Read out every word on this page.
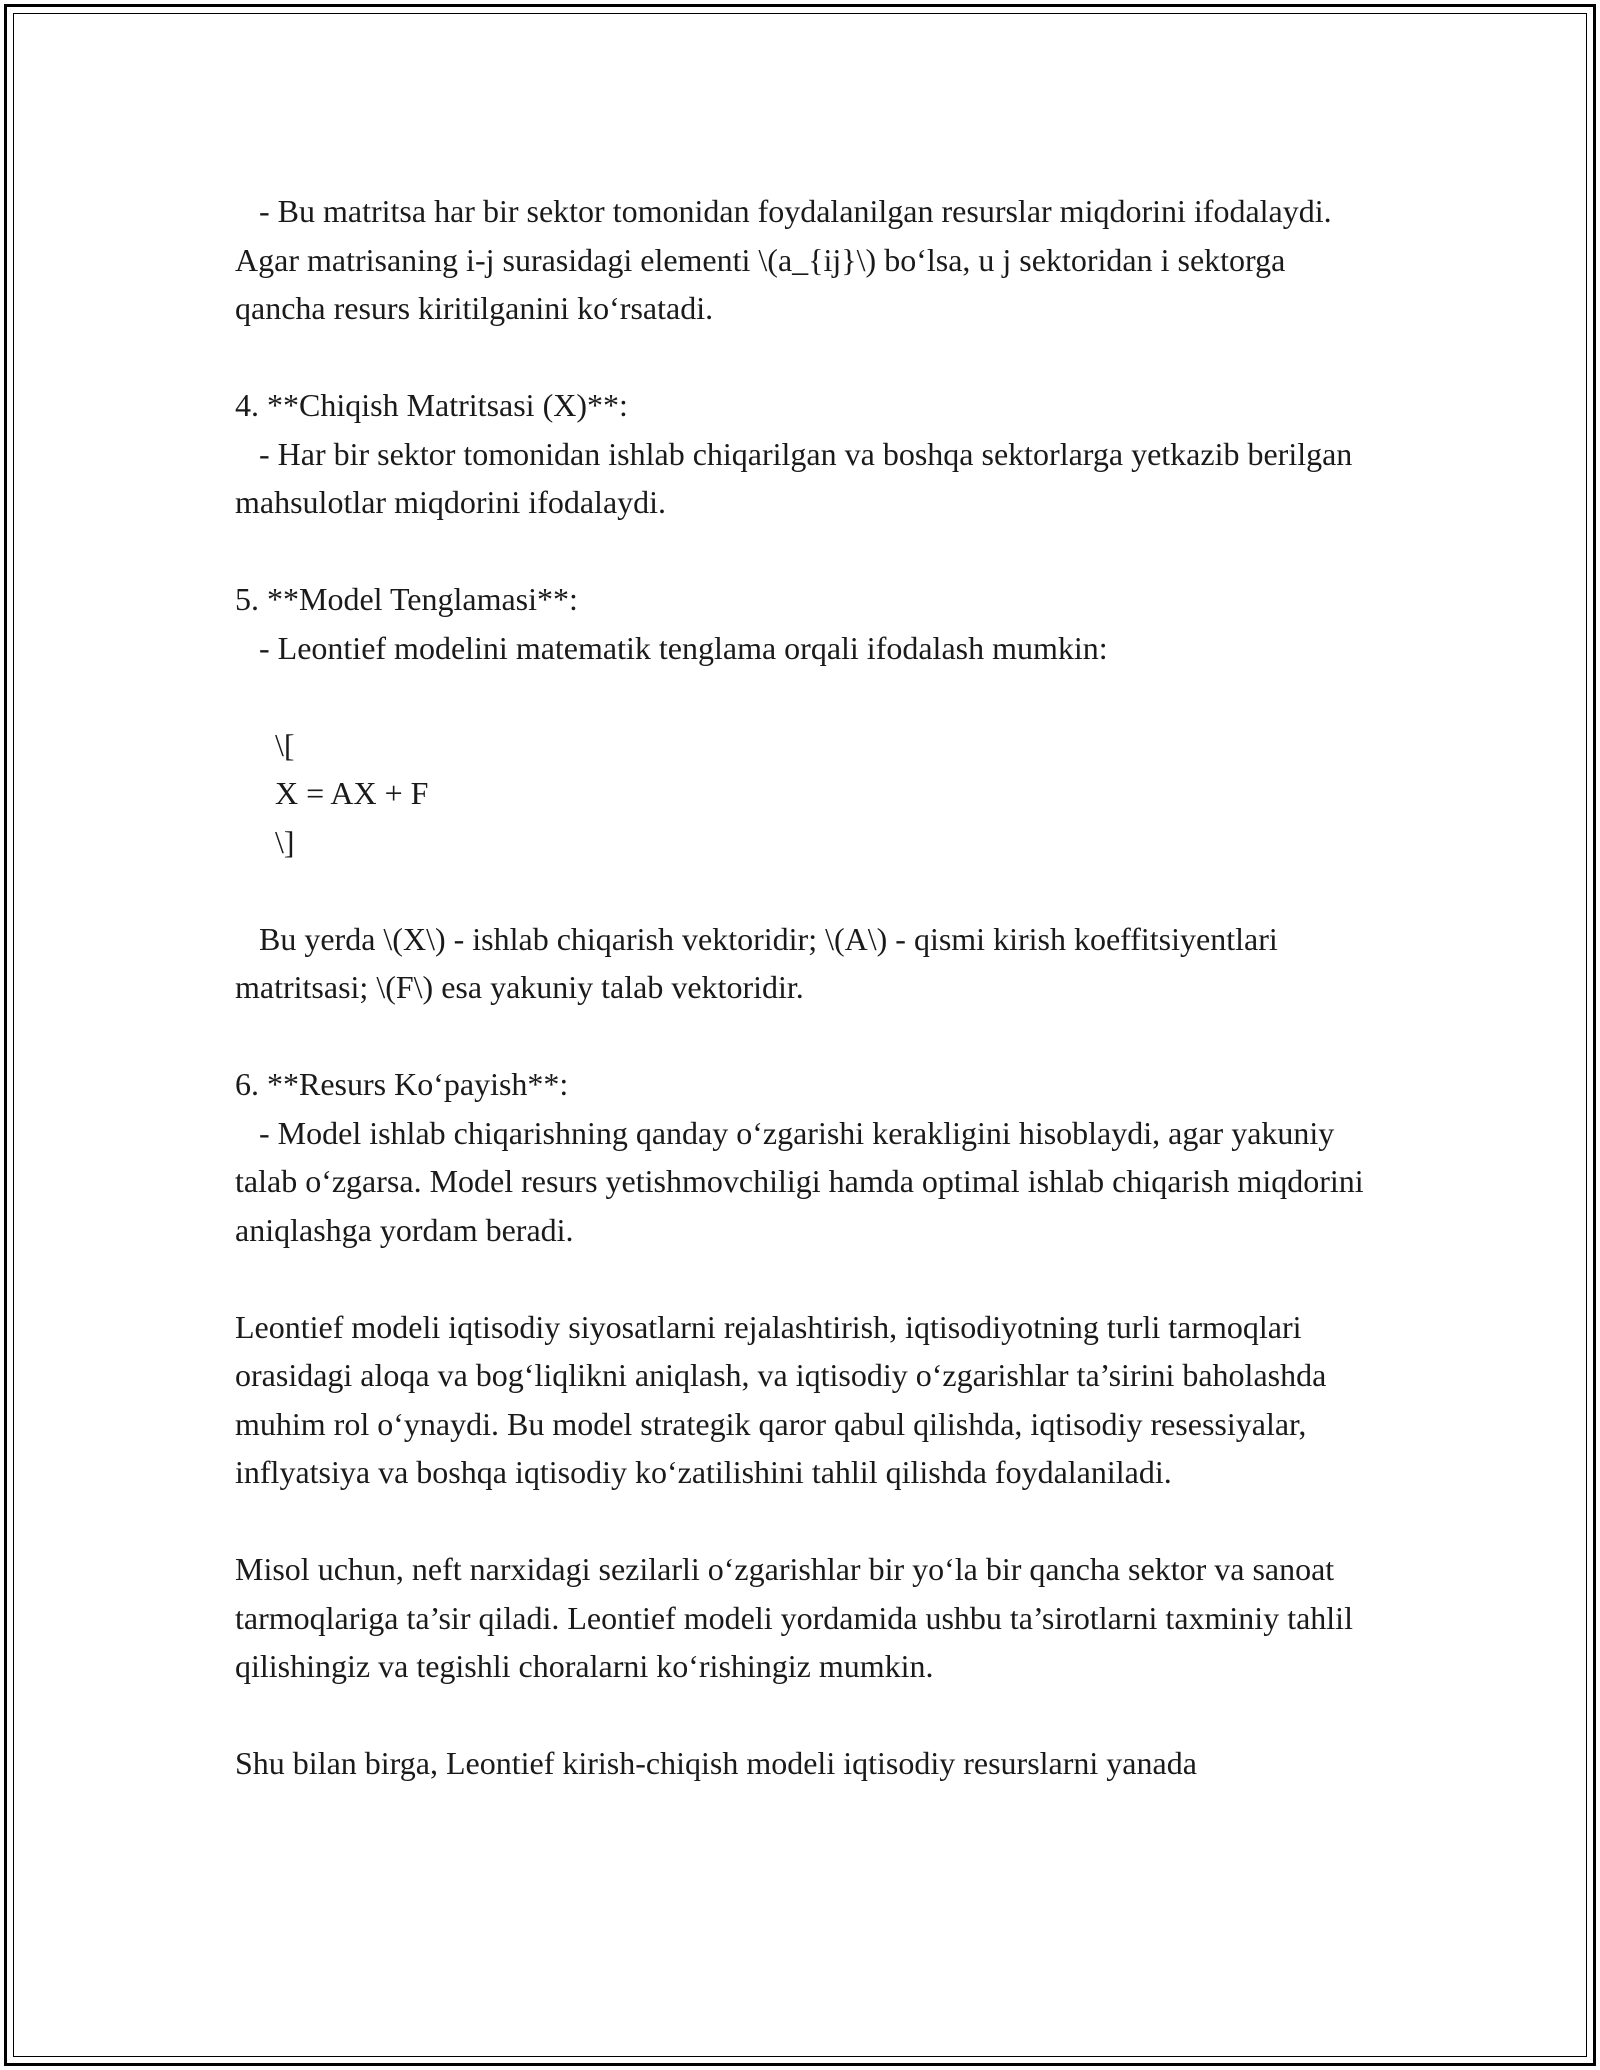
- Bu matritsa har bir sektor tomonidan foydalanilgan resurslar miqdorini ifodalaydi. Agar matrisaning i-j surasidagi elementi \(a_{ij}\) bo‘lsa, u j sektoridan i sektorga qancha resurs kiritilganini ko‘rsatadi.

4. **Chiqish Matritsasi (X)**:

- Har bir sektor tomonidan ishlab chiqarilgan va boshqa sektorlarga yetkazib berilgan mahsulotlar miqdorini ifodalaydi.

5. **Model Tenglamasi**:

- Leontief modelini matematik tenglama orqali ifodalash mumkin:

\[

X = AX + F

\]

Bu yerda \(X\) - ishlab chiqarish vektoridir; \(A\) - qismi kirish koeffitsiyentlari matritsasi; \(F\) esa yakuniy talab vektoridir.

6. **Resurs Ko‘payish**:

- Model ishlab chiqarishning qanday o‘zgarishi kerakligini hisoblaydi, agar yakuniy talab o‘zgarsa. Model resurs yetishmovchiligi hamda optimal ishlab chiqarish miqdorini aniqlashga yordam beradi.

Leontief modeli iqtisodiy siyosatlarni rejalashtirish, iqtisodiyotning turli tarmoqlari orasidagi aloqa va bog‘liqlikni aniqlash, va iqtisodiy o‘zgarishlar ta’sirini baholashda muhim rol o‘ynaydi. Bu model strategik qaror qabul qilishda, iqtisodiy resessiyalar, inflyatsiya va boshqa iqtisodiy ko‘zatilishini tahlil qilishda foydalaniladi.

Misol uchun, neft narxidagi sezilarli o‘zgarishlar bir yo‘la bir qancha sektor va sanoat tarmoqlariga ta’sir qiladi. Leontief modeli yordamida ushbu ta’sirotlarni taxminiy tahlil qilishingiz va tegishli choralarni ko‘rishingiz mumkin.

Shu bilan birga, Leontief kirish-chiqish modeli iqtisodiy resurslarni yanada
